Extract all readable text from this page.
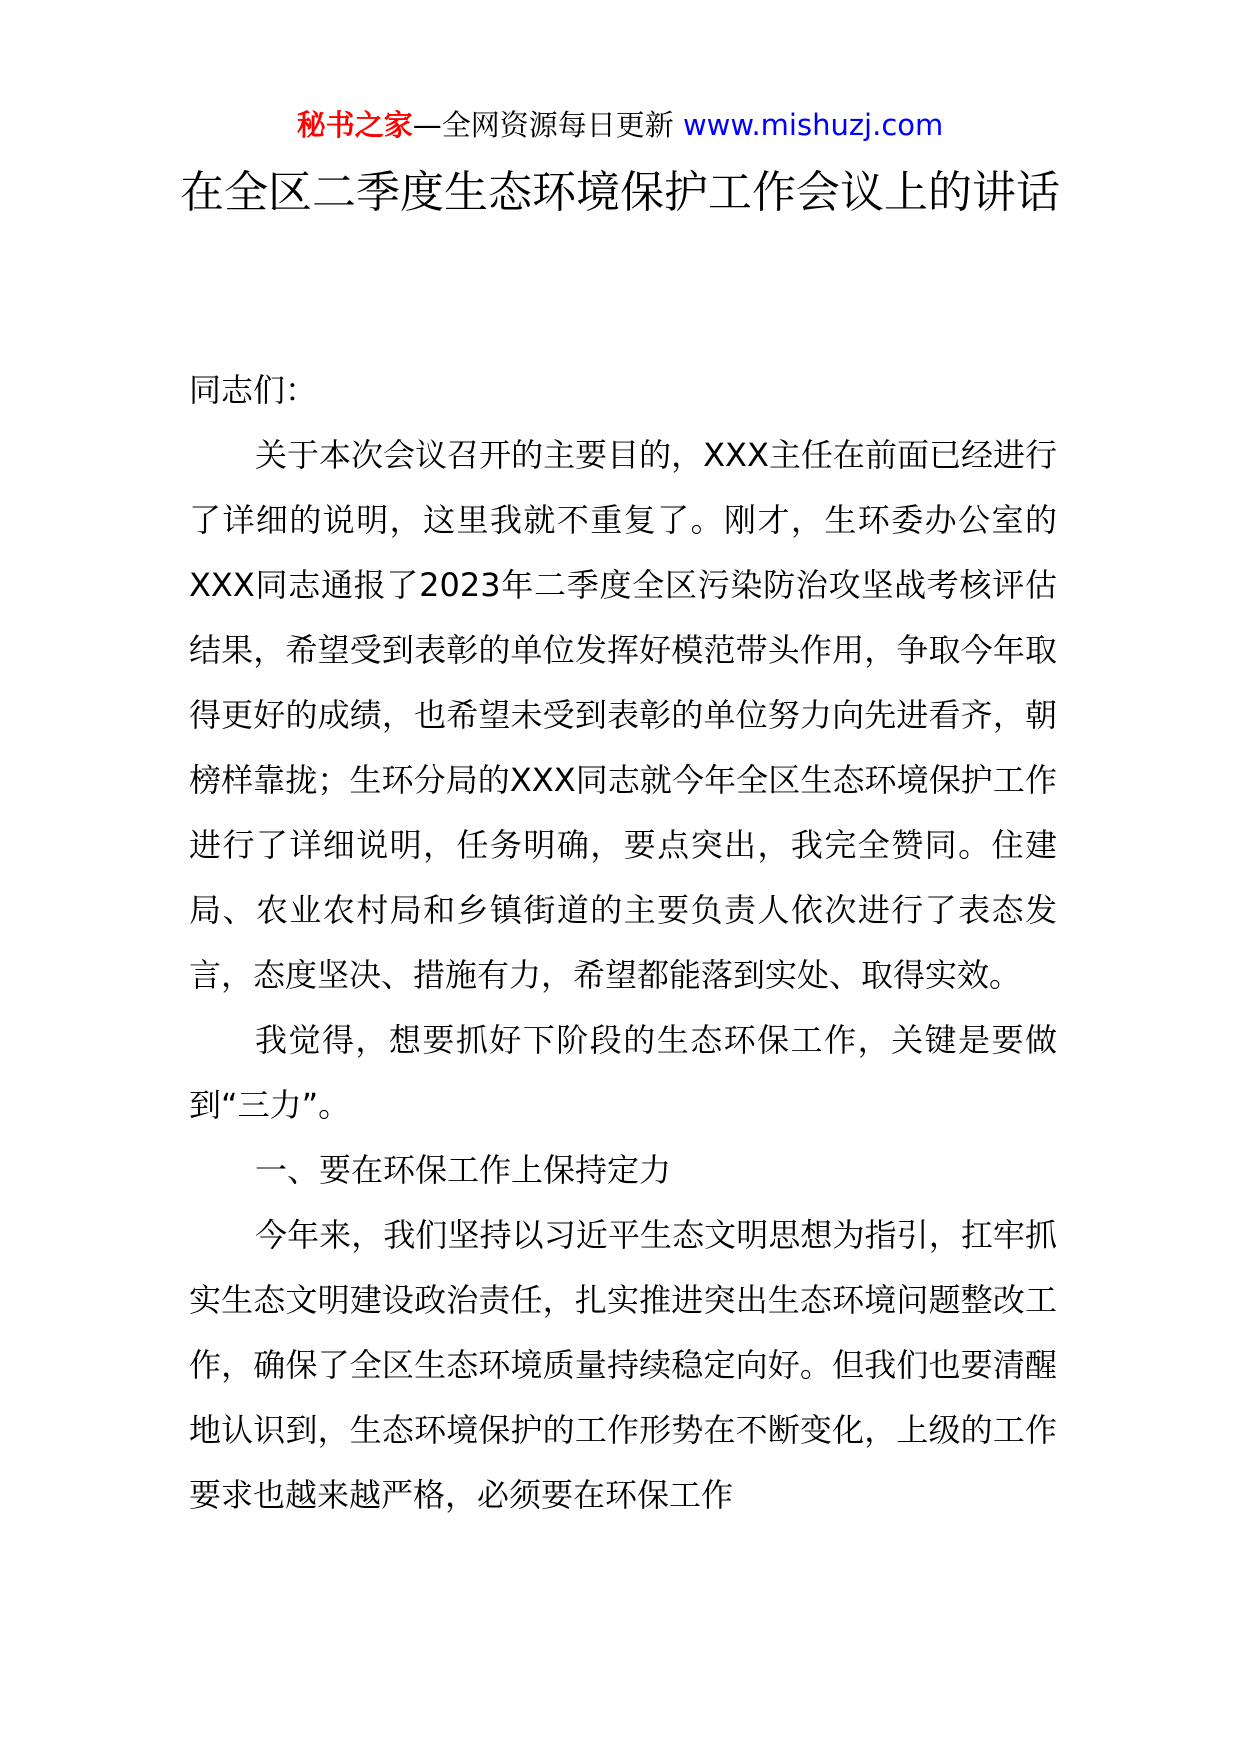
秘书之家—全网资源每日更新 www.mishuzj.com
在全区二季度生态环境保护工作会议上的讲话

同志们：

关于本次会议召开的主要目的，XXX主任在前面已经进行了详细的说明，这里我就不重复了。刚才，生环委办公室的XXX同志通报了2023年二季度全区污染防治攻坚战考核评估结果，希望受到表彰的单位发挥好模范带头作用，争取今年取得更好的成绩，也希望未受到表彰的单位努力向先进看齐，朝榜样靠拢；生环分局的XXX同志就今年全区生态环境保护工作进行了详细说明，任务明确，要点突出，我完全赞同。住建局、农业农村局和乡镇街道的主要负责人依次进行了表态发言，态度坚决、措施有力，希望都能落到实处、取得实效。

我觉得，想要抓好下阶段的生态环保工作，关键是要做到“三力”。

一、要在环保工作上保持定力

今年来，我们坚持以习近平生态文明思想为指引，扛牢抓实生态文明建设政治责任，扎实推进突出生态环境问题整改工作，确保了全区生态环境质量持续稳定向好。但我们也要清醒地认识到，生态环境保护的工作形势在不断变化，上级的工作要求也越来越严格，必须要在环保工作
